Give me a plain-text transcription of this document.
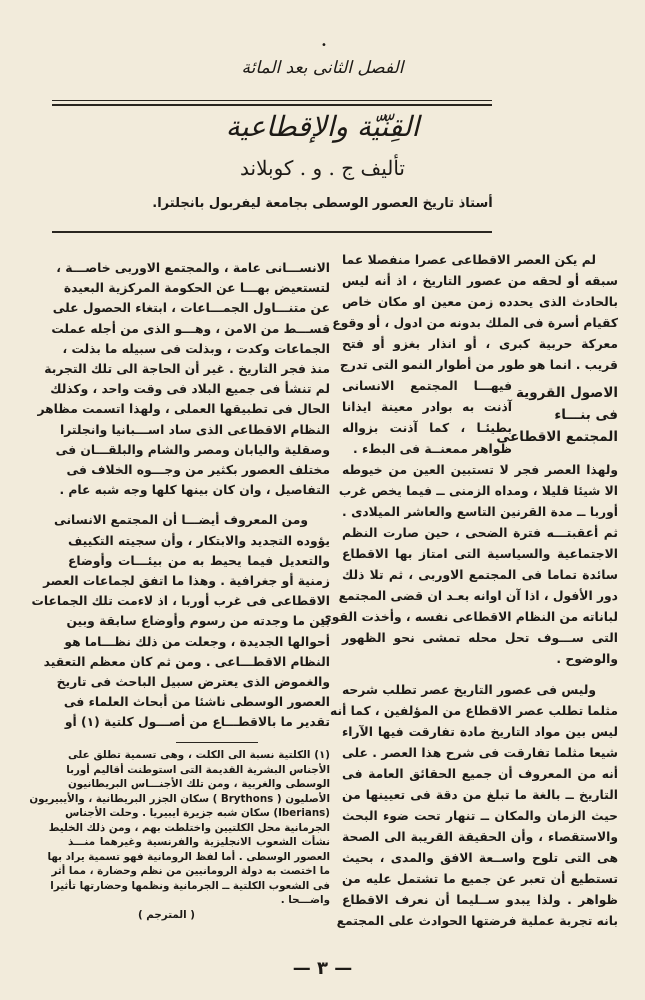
•
الفصل الثانى بعد المائة
القِنّيّة والإقطاعية
تأليف ج . و . كوبلاند
أستاذ تاريخ العصور الوسطى بجامعة ليفربول بانجلترا.
لم يكن العصر الاقطاعى عصرا منفصلا عما
سبقه أو لحقه من عصور التاريخ ، اذ أنه ليس
بالحادث الذى يحدده زمن معين او مكان خاص
كقيام أسرة فى الملك بدونه من ادول ، أو وقوع
معركة حربية كبرى ، أو انذار بغزو أو فتح
قريب . انما هو طور من أطوار النمو التى تدرج
الاصول القروية
فى بنـــاء
المجتمع الاقطاعى
فيهـــا المجتمع الانسانى
آذنت به بوادر معينة ايذانا
بطيئـا ، كما آذنت بزواله
ظواهر ممعنــة فى البطء .
ولهذا العصر فجر لا تستبين العين من خيوطه
الا شيئا قليلا ، ومداه الزمنى ــ فيما يخص غرب
أوربا ــ مدة القرنين التاسع والعاشر الميلادى .
ثم أعقبتـــه فترة الضحى ، حين صارت النظم
الاجتماعية والسياسية التى امتاز بها الاقطاع
سائدة تماما فى المجتمع الاوربى ، ثم تلا ذلك
دور الأفول ، اذا آن اوانه بعـد ان قضى المجتمع
لباناته من النظام الاقطاعى نفسه ، وأخذت القوى
التى ســـوف تحل محله تمشى نحو الظهور
والوضوح .
وليس فى عصور التاريخ عصر تطلب شرحه
مثلما تطلب عصر الاقطاع من المؤلفين ، كما أنه
ليس بين مواد التاريخ مادة تفارقت فيها الآراء
شيعا مثلما تفارقت فى شرح هذا العصر . على
أنه من المعروف أن جميع الحقائق العامة فى
التاريخ ــ بالغة ما تبلغ من دقة فى تعيينها من
حيث الزمان والمكان ــ تنهار تحت ضوء البحث
والاستقصاء ، وأن الحقيقة القريبة الى الصحة
هى التى تلوح واســعة الافق والمدى ، بحيث
تستطيع أن تعبر عن جميع ما تشتمل عليه من
ظواهر . ولذا يبدو ســليما أن نعرف الاقطاع
بانه تجربة عملية فرضتها الحوادث على المجتمع
الانســـانى عامة ، والمجتمع الاوربى خاصـــة ،
لتستعيض بهـــا عن الحكومة المركزية البعيدة
عن متنـــاول الجمـــاعات ، ابتغاء الحصول على
قســـط من الامن ، وهـــو الذى من أجله عملت
الجماعات وكدت ، وبذلت فى سبيله ما بذلت ،
منذ فجر التاريخ . غير أن الحاجة الى تلك التجربة
لم تنشأ فى جميع البلاد فى وقت واحد ، وكذلك
الحال فى تطبيقها العملى ، ولهذا اتسمت مظاهر
النظام الاقطاعى الذى ساد اســـبانيا وانجلترا
وصقلية واليابان ومصر والشام والبلقـــان فى
مختلف العصور بكثير من وجـــوه الخلاف فى
التفاصيل ، وان كان بينها كلها وجه شبه عام .
ومن المعروف أيضـــا أن المجتمع الانسانى
يؤوده التجديد والابتكار ، وأن سجيته التكييف
والتعديل فيما يحيط به من بيئـــات وأوضاع
زمنية أو جغرافية . وهذا ما اتفق لجماعات العصر
الاقطاعى فى غرب أوربا ، اذ لاءمت تلك الجماعات
بين ما وجدته من رسوم وأوضاع سابقة وبين
أحوالها الجديدة ، وجعلت من ذلك نظـــاما هو
النظام الاقطـــاعى . ومن ثم كان معظم التعقيد
والغموض الذى يعترض سبيل الباحث فى تاريخ
العصور الوسطى ناشئا من أبحاث العلماء فى
تقدير ما بالاقطـــاع من أصـــول كلتية (١) أو
(١) الكلتية نسبة الى الكلت ، وهى تسمية تطلق على
الأجناس البشرية القديمة التى استوطنت أقاليم أوربا
الوسطى والغربية ، ومن تلك الأجنـــاس البريطانيون
الأصليون ( Brythons ) سكان الجزر البريطانية ، والأيبيريون
(Iberians) سكان شبه جزيرة ايبيريا . وحلت الأجناس
الجرمانية محل الكلتيين واختلطت بهم ، ومن ذلك الخليط
نشأت الشعوب الانجليزية والفرنسية وغيرهما منـــذ
العصور الوسطى . أما لفظ الرومانية فهو تسمية يراد بها
ما اختصت به دولة الرومانيين من نظم وحضارة ، مما أثر
فى الشعوب الكلتية ــ الجرمانية ونظمها وحضارتها تأثيرا
واضـــحا .
( المترجم )
— ٣ —
